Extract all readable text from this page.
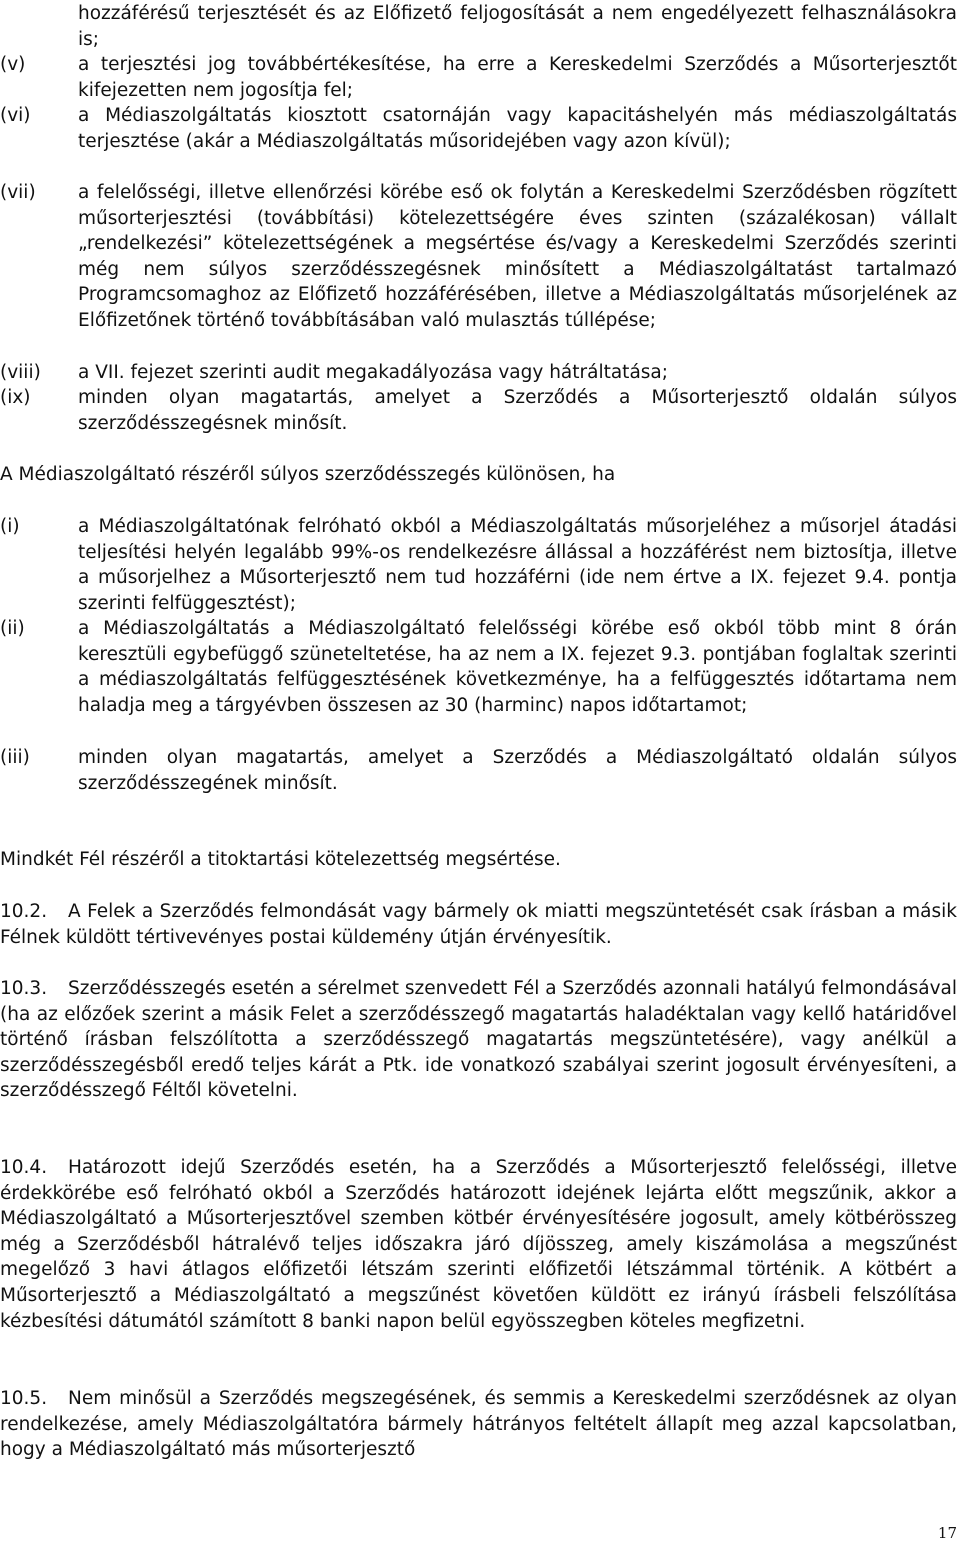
hozzáférésű terjesztését és az Előfizető feljogosítását a nem engedélyezett felhasználásokra is;
(v)	a terjesztési jog továbbértékesítése, ha erre a Kereskedelmi Szerződés a Műsorterjesztőt kifejezetten nem jogosítja fel;
(vi)	a Médiaszolgáltatás kiosztott csatornáján vagy kapacitáshelyén más médiaszolgáltatás terjesztése (akár a Médiaszolgáltatás műsoridejében vagy azon kívül);
(vii)	a felelősségi, illetve ellenőrzési körébe eső ok folytán a Kereskedelmi Szerződésben rögzített műsorterjesztési (továbbítási) kötelezettségére éves szinten (százalékosan) vállalt „rendelkezési” kötelezettségének a megsértése és/vagy a Kereskedelmi Szerződés szerinti még nem súlyos szerződésszegésnek minősített a Médiaszolgáltatást tartalmazó Programcsomaghoz az Előfizető hozzáférésében, illetve a Médiaszolgáltatás műsorjelének az Előfizetőnek történő továbbításában való mulasztás túllépése;
(viii)	a VII. fejezet szerinti audit megakadályozása vagy hátráltatása;
(ix)	minden olyan magatartás, amelyet a Szerződés a Műsorterjesztő oldalán súlyos szerződésszegésnek minősít.

A Médiaszolgáltató részéről súlyos szerződésszegés különösen, ha

(i)	a Médiaszolgáltatónak felróható okból a Médiaszolgáltatás műsorjeléhez a műsorjel átadási teljesítési helyén legalább 99%-os rendelkezésre állással a hozzáférést nem biztosítja, illetve a műsorjelhez a Műsorterjesztő nem tud hozzáférni (ide nem értve a IX. fejezet 9.4. pontja szerinti felfüggesztést);
(ii)	a Médiaszolgáltatás a Médiaszolgáltató felelősségi körébe eső okból több mint 8 órán keresztüli egybefüggő szüneteltetése, ha az nem a IX. fejezet 9.3. pontjában foglaltak szerinti a médiaszolgáltatás felfüggesztésének következménye, ha a felfüggesztés időtartama nem haladja meg a tárgyévben összesen az 30 (harminc) napos időtartamot;
(iii)	minden olyan magatartás, amelyet a Szerződés a Médiaszolgáltató oldalán súlyos szerződésszegének minősít.

Mindkét Fél részéről a titoktartási kötelezettség megsértése.

10.2. A Felek a Szerződés felmondását vagy bármely ok miatti megszüntetését csak írásban a másik Félnek küldött tértivevényes postai küldemény útján érvényesítik.

10.3. Szerződésszegés esetén a sérelmet szenvedett Fél a Szerződés azonnali hatályú felmondásával (ha az előzőek szerint a másik Felet a szerződésszegő magatartás haladéktalan vagy kellő határidővel történő írásban felszólította a szerződésszegő magatartás megszüntetésére), vagy anélkül a szerződésszegésből eredő teljes kárát a Ptk. ide vonatkozó szabályai szerint jogosult érvényesíteni, a szerződésszegő Féltől követelni.

10.4. Határozott idejű Szerződés esetén, ha a Szerződés a Műsorterjesztő felelősségi, illetve érdekkörébe eső felróható okból a Szerződés határozott idejének lejárta előtt megszűnik, akkor a Médiaszolgáltató a Műsorterjesztővel szemben kötbér érvényesítésére jogosult, amely kötbérösszeg még a Szerződésből hátralévő teljes időszakra járó díjösszeg, amely kiszámolása a megszűnést megelőző 3 havi átlagos előfizetői létszám szerinti előfizetői létszámmal történik. A kötbért a Műsorterjesztő a Médiaszolgáltató a megszűnést követően küldött ez irányú írásbeli felszólítása kézbesítési dátumától számított 8 banki napon belül egyösszegben köteles megfizetni.

10.5. Nem minősül a Szerződés megszegésének, és semmis a Kereskedelmi szerződésnek az olyan rendelkezése, amely Médiaszolgáltatóra bármely hátrányos feltételt állapít meg azzal kapcsolatban, hogy a Médiaszolgáltató más műsorterjesztő

17
